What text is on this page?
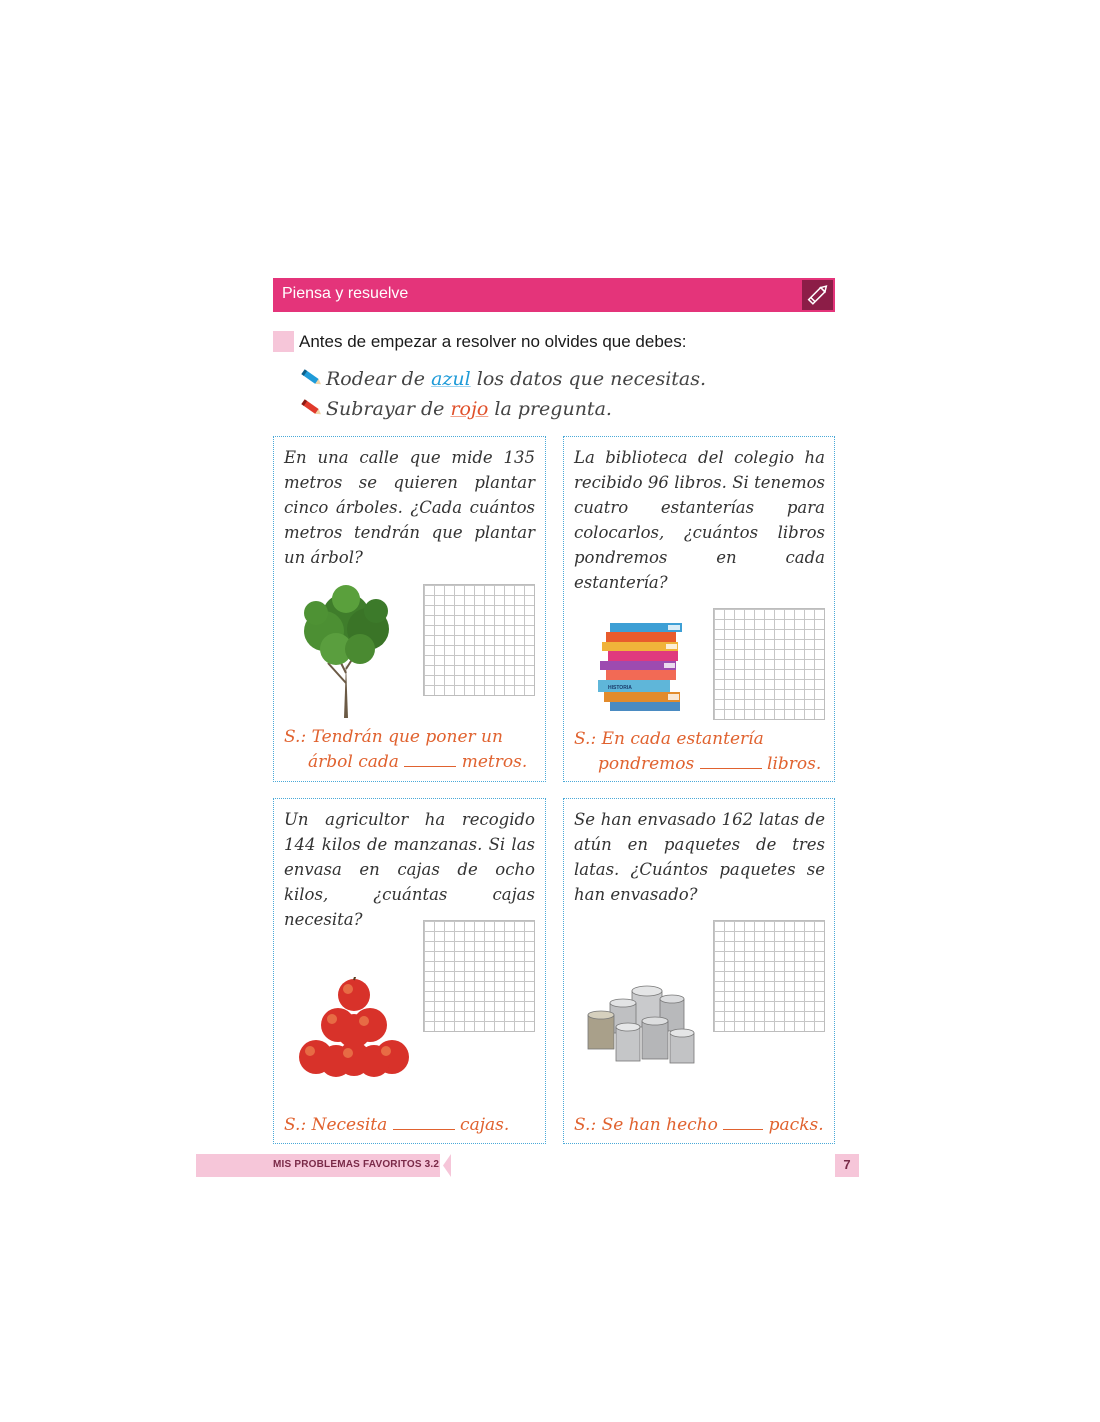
Piensa y resuelve
Antes de empezar a resolver no olvides que debes:
Rodear de azul los datos que necesitas.
Subrayar de rojo la pregunta.
En una calle que mide 135 metros se quieren plantar cinco árboles. ¿Cada cuántos metros tendrán que plantar un árbol?
S.: Tendrán que poner un
árbol cada	metros.
La biblioteca del colegio ha recibido 96 libros. Si tenemos cuatro estanterías para colocarlos, ¿cuántos libros pondremos en cada estantería?
HISTORIA
S.: En cada estantería
pondremos	libros.
Un agricultor ha recogido 144 kilos de manzanas. Si las envasa en cajas de ocho kilos, ¿cuántas cajas necesita?
S.: Necesita	cajas.
Se han envasado 162 latas de atún en paquetes de tres latas. ¿Cuántos paquetes se han envasado?
S.: Se han hecho	packs.
MIS PROBLEMAS FAVORITOS 3.2	7
